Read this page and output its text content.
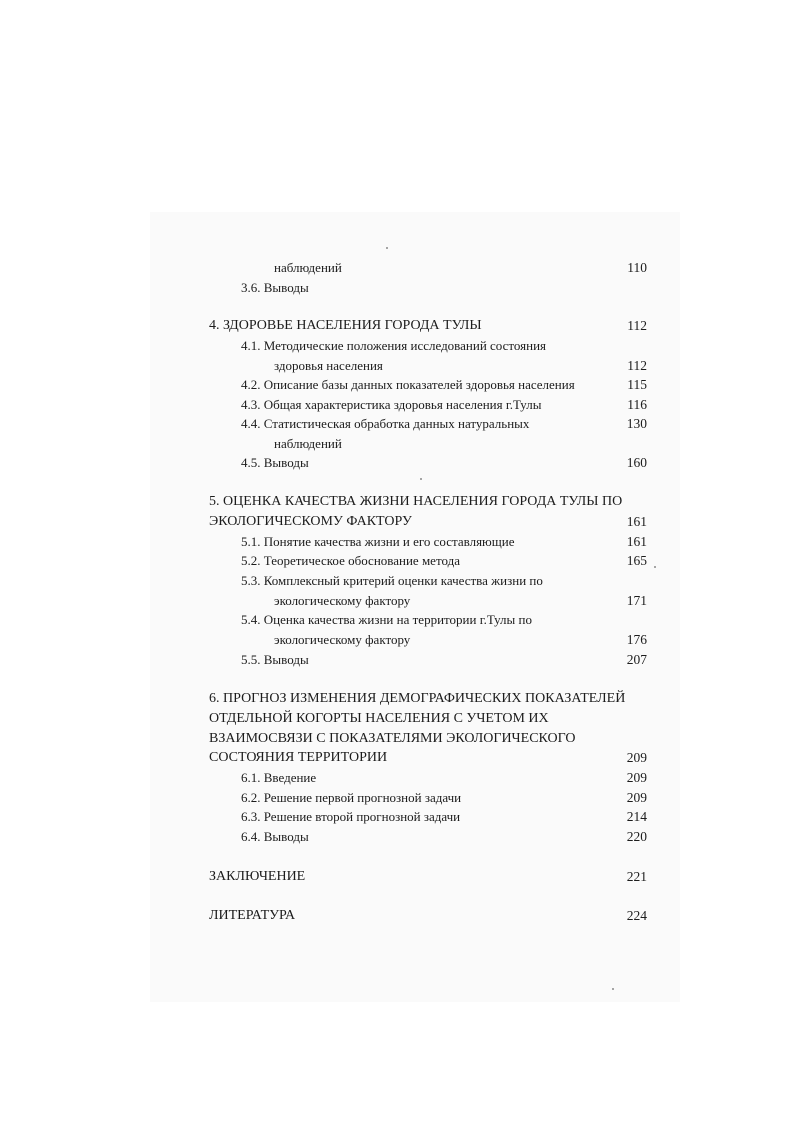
наблюдений	110
3.6. Выводы
4. ЗДОРОВЬЕ НАСЕЛЕНИЯ ГОРОДА ТУЛЫ	112
4.1. Методические положения исследований состояния
здоровья населения	112
4.2. Описание базы данных показателей здоровья населения	115
4.3. Общая характеристика здоровья населения г.Тулы	116
4.4. Статистическая обработка данных натуральных	130
наблюдений
4.5. Выводы	160
5. ОЦЕНКА КАЧЕСТВА ЖИЗНИ НАСЕЛЕНИЯ ГОРОДА ТУЛЫ ПО
ЭКОЛОГИЧЕСКОМУ ФАКТОРУ	161
5.1. Понятие качества жизни и его составляющие	161
5.2. Теоретическое обоснование метода	165
5.3. Комплексный критерий оценки качества жизни по
экологическому фактору	171
5.4. Оценка качества жизни на территории г.Тулы по
экологическому фактору	176
5.5. Выводы	207
6. ПРОГНОЗ ИЗМЕНЕНИЯ ДЕМОГРАФИЧЕСКИХ ПОКАЗАТЕЛЕЙ
ОТДЕЛЬНОЙ КОГОРТЫ НАСЕЛЕНИЯ С УЧЕТОМ ИХ
ВЗАИМОСВЯЗИ С ПОКАЗАТЕЛЯМИ ЭКОЛОГИЧЕСКОГО
СОСТОЯНИЯ ТЕРРИТОРИИ	209
6.1. Введение	209
6.2. Решение первой прогнозной задачи	209
6.3. Решение второй прогнозной задачи	214
6.4. Выводы	220
ЗАКЛЮЧЕНИЕ	221
ЛИТЕРАТУРА	224
